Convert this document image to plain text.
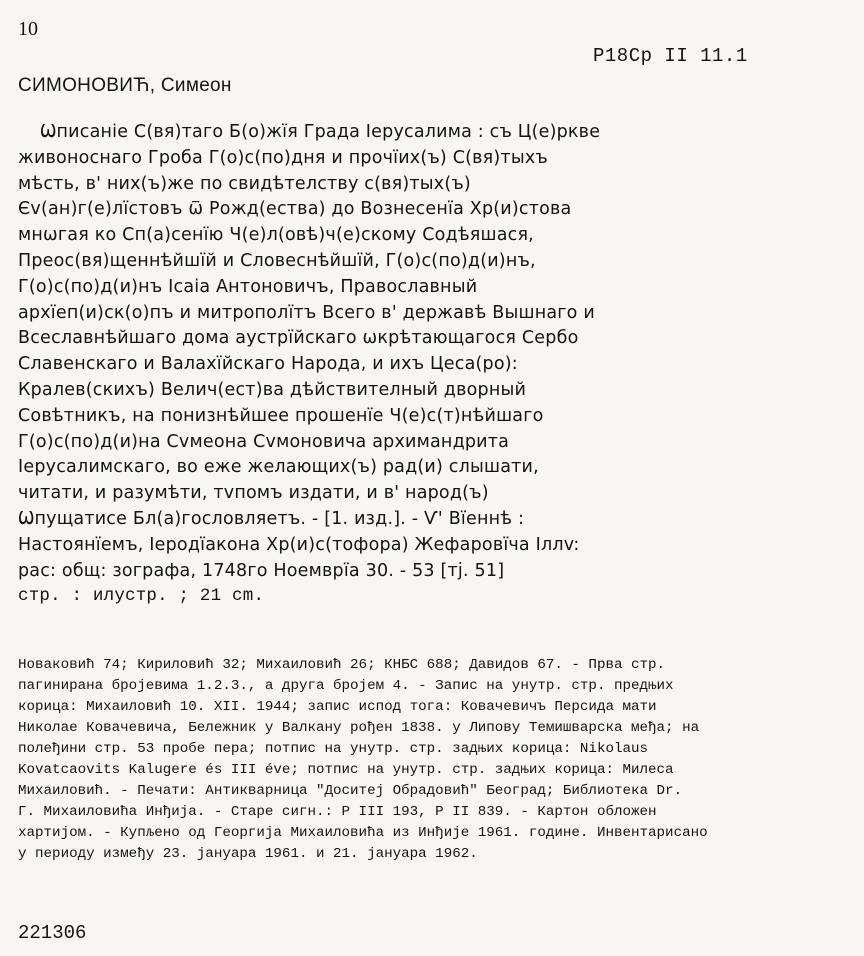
10
Р18Ср II 11.1
СИМОНОВИЋ, Симеон
Ѡписаніе С(вя)таго Б(о)жїя Града Іерусалима : съ Ц(е)ркве
живоноснаго Гроба Г(о)с(по)дня и прочїих(ъ) С(вя)тыхъ
мѣсть, в' них(ъ)же по свидѣтелству с(вя)тых(ъ)
Єv(ан)г(е)лїстовъ ѿ Рожд(ества) до Вознесенїа Хр(и)стова
мнѡгая ко Сп(а)сенїю Ч(е)л(овѣ)ч(е)скому Содѣяшася,
Преос(вя)щеннѣйшїй и Словеснѣйшїй, Г(о)с(по)д(и)нъ,
Г(о)с(по)д(и)нъ Ісаіа Антоновичъ, Православный
архїеп(и)ск(о)пъ и митрополїтъ Всего в' державѣ Вышнаго и
Всеславнѣйшаго дома аустрїйскаго ѡкрѣтающагося Сербо
Славенскаго и Валахїйскаго Народа, и ихъ Цеса(ро):
Кралев(скихъ) Велич(ест)ва дѣйствителный дворный
Совѣтникъ, на понизнѣйшее прошенїе Ч(е)с(т)нѣйшаго
Г(о)с(по)д(и)на Сvмеона Сvмоновича архимандрита
Іерусалимскаго, во еже желающих(ъ) рад(и) слышати,
читати, и разумѣти, тvпомъ издати, и в' народ(ъ)
Ѡпущатисе Бл(а)гословляетъ. - [1. изд.]. - Ѵ' Вїеннѣ :
Настоянїемъ, Іеродїакона Хр(и)с(тофора) Жефаровїча Іллv:
рас: общ: зографа, 1748го Ноемврїа 30. - 53 [тј. 51]
стр. : илустр. ; 21 cm.
Новаковић 74; Кириловић 32; Михаиловић 26; КНБС 688; Давидов 67. - Прва стр.
пагинирана бројевима 1.2.3., а друга бројем 4. - Запис на унутр. стр. предњих
корица: Михаиловић 10. XII. 1944; запис испод тога: Ковачевичъ Персида мати
Николае Ковачевича, Бележник у Валкану рођен 1838. у Липову Темишварска међа; на
полеђини стр. 53 пробе пера; потпис на унутр. стр. задњих корица: Nikolaus
Kovatcaovits Kalugere és III éve; потпис на унутр. стр. задњих корица: Милеса
Михаиловић. - Печати: Антикварница "Доситеј Обрадовић" Београд; Библиотека Dr.
Г. Михаиловића Инђија. - Старе сигн.: Р III 193, Р II 839. - Картон обложен
хартијом. - Купљено од Георгија Михаиловића из Инђије 1961. године. Инвентарисано
у периоду између 23. јануара 1961. и 21. јануара 1962.
221306
